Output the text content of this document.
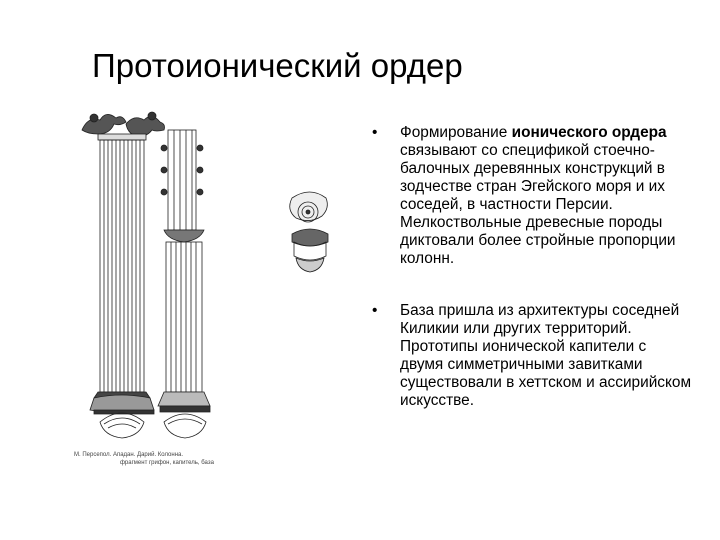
Протоионический ордер
М. Персепол. Ападан. Дарий. Колонна.
фрагмент грифон, капитель, база
•	Формирование ионического ордера связывают со спецификой стоечно-балочных деревянных конструкций в зодчестве стран Эгейского моря и их соседей, в частности Персии. Мелкоствольные древесные породы диктовали более стройные пропорции колонн.
•	База пришла из архитектуры соседней Киликии или других территорий. Прототипы ионической капители с двумя симметричными завитками существовали в хеттском и ассирийском искусстве.
